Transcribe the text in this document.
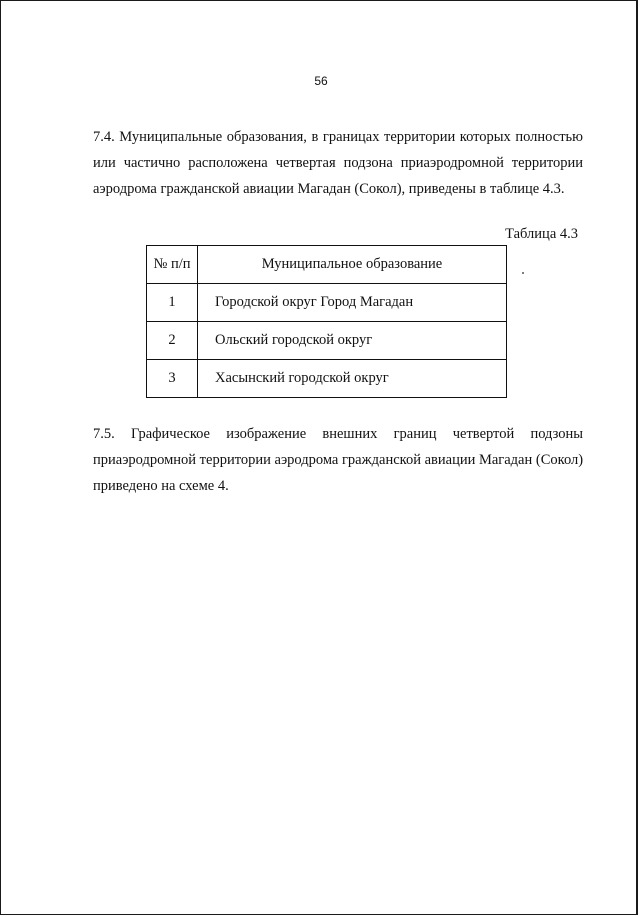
56
7.4. Муниципальные образования, в границах территории которых полностью
или частично расположена четвертая подзона приаэродромной территории
аэродрома гражданской авиации Магадан (Сокол), приведены в таблице 4.3.
Таблица 4.3
№ п/п	Муниципальное образование
1	Городской округ Город Магадан
2	Ольский городской округ
3	Хасынский городской округ
7.5. Графическое изображение внешних границ четвертой подзоны
приаэродромной территории аэродрома гражданской авиации Магадан (Сокол)
приведено на схеме 4.
